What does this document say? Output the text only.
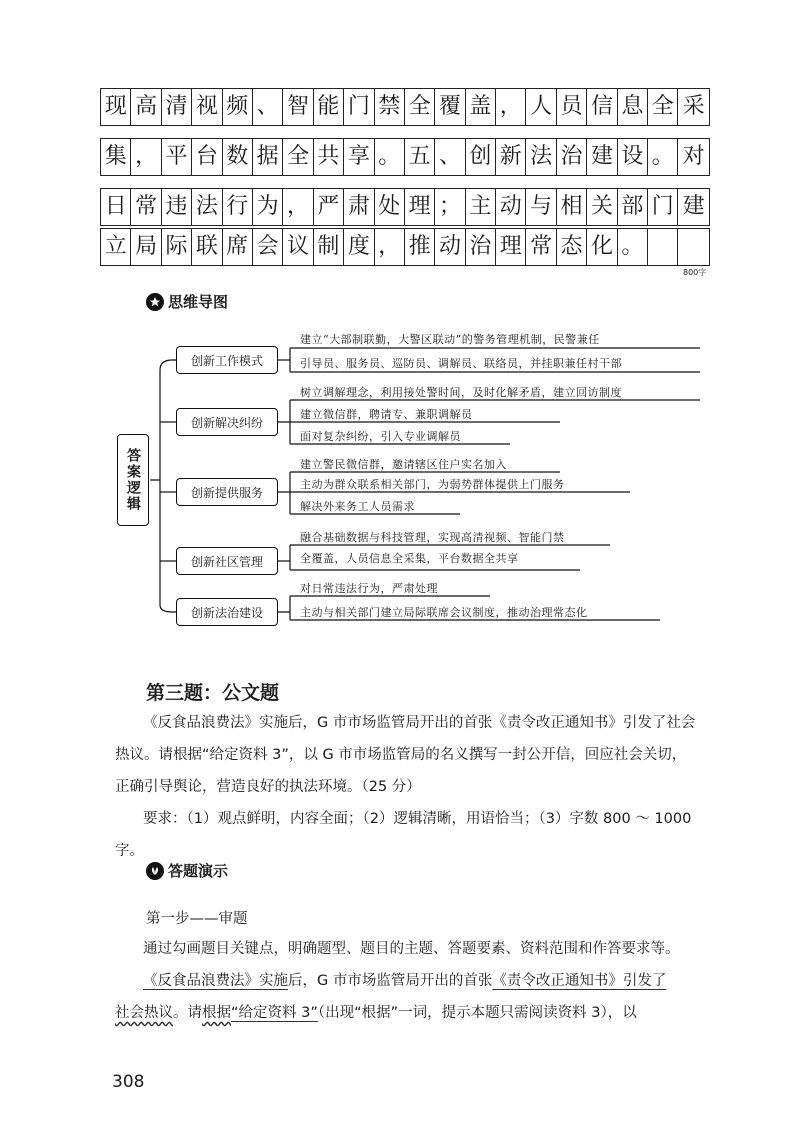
现 高 清 视 频 、 智 能 门 禁 全 覆 盖 ， 人 员 信 息 全 采
集 ， 平 台 数 据 全 共 享 。 五 、 创 新 法 治 建 设 。 对
日 常 违 法 行 为 ， 严 肃 处 理 ； 主 动 与 相 关 部 门 建
立 局 际 联 席 会 议 制 度 ， 推 动 治 理 常 态 化 。
800字
思维导图
答案逻辑
创新工作模式
创新解决纠纷
创新提供服务
创新社区管理
创新法治建设
建立“大部制联勤，大警区联动”的警务管理机制，民警兼任
引导员、服务员、巡防员、调解员、联络员，并挂职兼任村干部
树立调解理念，利用接处警时间，及时化解矛盾，建立回访制度
建立微信群，聘请专、兼职调解员
面对复杂纠纷，引入专业调解员
建立警民微信群，邀请辖区住户实名加入
主动为群众联系相关部门，为弱势群体提供上门服务
解决外来务工人员需求
融合基础数据与科技管理，实现高清视频、智能门禁
全覆盖，人员信息全采集，平台数据全共享
对日常违法行为，严肃处理
主动与相关部门建立局际联席会议制度，推动治理常态化
第三题：公文题
《反食品浪费法》实施后，G 市市场监管局开出的首张《责令改正通知书》引发了社会
热议。请根据“给定资料 3”，以 G 市市场监管局的名义撰写一封公开信，回应社会关切，
正确引导舆论，营造良好的执法环境。（25 分）
要求：（1）观点鲜明，内容全面；（2）逻辑清晰，用语恰当；（3）字数 800 ～ 1000 字。
答题演示
第一步——审题
通过勾画题目关键点，明确题型、题目的主题、答题要素、资料范围和作答要求等。
《反食品浪费法》实施后，G 市市场监管局开出的首张《责令改正通知书》引发了
社会热议。请根据“给定资料 3”（出现“根据”一词，提示本题只需阅读资料 3），以
308
